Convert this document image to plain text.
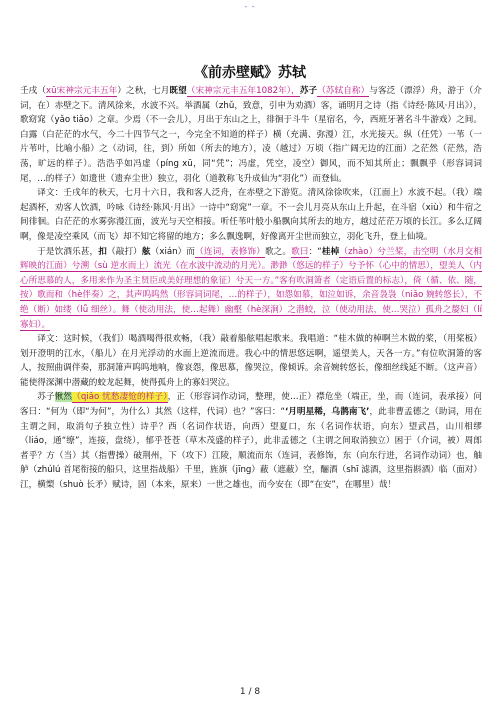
- -
《前赤壁赋》苏轼

壬戌（xū宋神宗元丰五年）之秋，七月既望（宋神宗元丰五年1082年），苏子（苏轼自称）与客泛（漂浮）舟，游于（介词，在）赤壁之下。清风徐来，水波不兴。举酒属（zhǔ，致意，引申为劝酒）客，诵明月之诗（指《诗经·陈风·月出》），歌窈窕（yǎo tiǎo）之章。少焉（不一会儿），月出于东山之上，徘徊于斗牛（星宿名，今，西班牙著名斗牛游戏）之间。白露（白茫茫的水气，今二十四节气之一，今完全不知道的样子）横（充满、弥漫）江，水光接天。纵（任凭）一苇（一片苇叶，比喻小船）之（动词，往，到）所如（所去的地方），凌（越过）万顷（指广阔无边的江面）之茫然（茫然，浩荡，旷远的样子）。浩浩乎如冯虚（píng xū，同“凭”；冯虚，凭空，凌空）御风，而不知其所止；飘飘乎（形容词词尾，…的样子）如遗世（遗弃尘世）独立，羽化（道教称飞升成仙为“羽化”）而登仙。

译文：壬戌年的秋天，七月十六日，我和客人泛舟，在赤壁之下游览。清风徐徐吹来，（江面上）水波不起。（我）端起酒杯，劝客人饮酒，吟咏《诗经·陈风·月出》一诗中“窈窕”一章。不一会儿月亮从东山上升起，在斗宿（xiù）和牛宿之间徘徊。白茫茫的水雾弥漫江面，波光与天空相接。听任苇叶般小船飘向其所去的地方，越过茫茫万顷的长江。多么辽阔啊，像是凌空乘风（而飞）却不知它将留的地方；多么飘逸啊，好像离开尘世而独立，羽化飞升，登上仙境。

于是饮酒乐甚，扣（敲打）舷（xián）而（连词，表修饰）歌之。歌曰：“桂棹（zhào）兮兰桨，击空明（水月交相辉映的江面）兮溯（sù 逆水而上）流光（在水波中流动的月光）。渺渺（悠远的样子）兮予怀（心中的情思），望美人（内心所思慕的人，多用来作为圣主贤臣或美好理想的象征）兮天一方。”客有吹洞箫者（定语后置的标志），倚（循、依、随，按）歌而和（hè伴奏）之，其声呜呜然（形容词词尾，…的样子），如怨如慕，如泣如诉，余音袅袅（niǎo 婉转悠长），不绝（断）如缕（lǚ 细丝）。舞（使动用法，使…起舞）幽壑（hè深涧）之潜蛟，泣（使动用法，使…哭泣）孤舟之嫠妇（lí寡妇）。

译文：这时候，（我们）喝酒喝得很欢畅，（我）敲着船舷唱起歌来。我唱道：“桂木做的棹啊兰木做的桨，（用桨板）划开澄明的江水，（船儿）在月光浮动的水面上逆流而进。我心中的情思悠远啊，遥望美人，天各一方。”有位吹洞箫的客人，按照曲调伴奏，那洞箫声呜呜地响，像哀怨，像思慕，像哭泣，像倾诉。余音婉转悠长，像细丝线延不断。（这声音）能使得深渊中潜藏的蛟龙起舞，使得孤舟上的寡妇哭泣。

苏子愀然（qiǎo 忧愁凄怆的样子），正（形容词作动词，整理，使…正）襟危坐（端正，坐，而（连词，表承接）问客曰：“何为（即“为何”，为什么）其然（这样，代词）也？”客曰：“‘月明星稀，乌鹊南飞’，此非曹孟德之（助词，用在主谓之间，取消句子独立性）诗乎？西（名词作状语，向西）望夏口，东（名词作状语，向东）望武昌，山川相缪（liáo，通“缭”，连接，盘绕），郁乎苍苍（草木茂盛的样子），此非孟德之（主谓之间取消独立）困于（介词，被）周郎者乎？方（当）其（指曹操）破荆州，下（攻下）江陵，顺流而东（连词，表修饰，东（向东行进，名词作动词）也，舳舻（zhúlú 首尾衔接的船只，这里指战船）千里，旌旗（jīng）蔽（遮蔽）空，酾酒（shī 滤酒，这里指斟酒）临（面对）江，横槊（shuò 长矛）赋诗，固（本来，原来）一世之雄也，而今安在（即“在安”，在哪里）哉！

1 / 8
